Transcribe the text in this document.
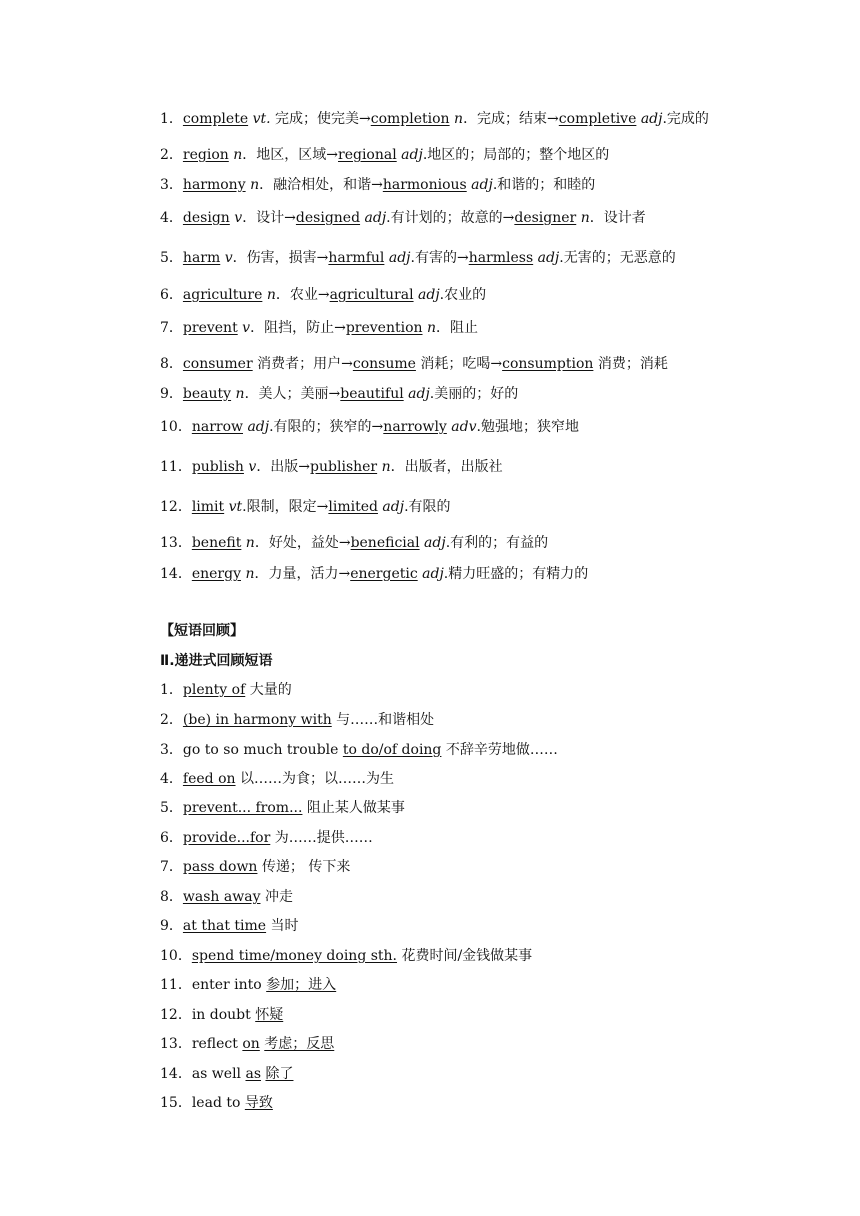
1．complete vt. 完成；使完美→completion n．完成；结束→completive adj.完成的
2．region n．地区，区域→regional adj.地区的；局部的；整个地区的
3．harmony n．融洽相处，和谐→harmonious adj.和谐的；和睦的
4．design v．设计→designed adj.有计划的；故意的→designer n．设计者
5．harm v．伤害，损害→harmful adj.有害的→harmless adj.无害的；无恶意的
6．agriculture n．农业→agricultural adj.农业的
7．prevent v．阻挡，防止→prevention n．阻止
8．consumer 消费者；用户→consume 消耗；吃喝→consumption 消费；消耗
9．beauty n．美人；美丽→beautiful adj.美丽的；好的
10．narrow adj.有限的；狭窄的→narrowly adv.勉强地；狭窄地
11．publish v．出版→publisher n．出版者，出版社
12．limit vt.限制，限定→limited adj.有限的
13．benefit n．好处，益处→beneficial adj.有利的；有益的
14．energy n．力量，活力→energetic adj.精力旺盛的；有精力的
【短语回顾】
Ⅱ.递进式回顾短语
1．plenty of 大量的
2．(be) in harmony with 与……和谐相处
3．go to so much trouble to do/of doing 不辞辛劳地做……
4．feed on 以……为食；以……为生
5．prevent... from... 阻止某人做某事
6．provide...for 为……提供……
7．pass down 传递； 传下来
8．wash away 冲走
9．at that time 当时
10．spend time/money doing sth. 花费时间/金钱做某事
11．enter into 参加；进入
12．in doubt 怀疑
13．reflect on 考虑；反思
14．as well as 除了
15．lead to 导致
